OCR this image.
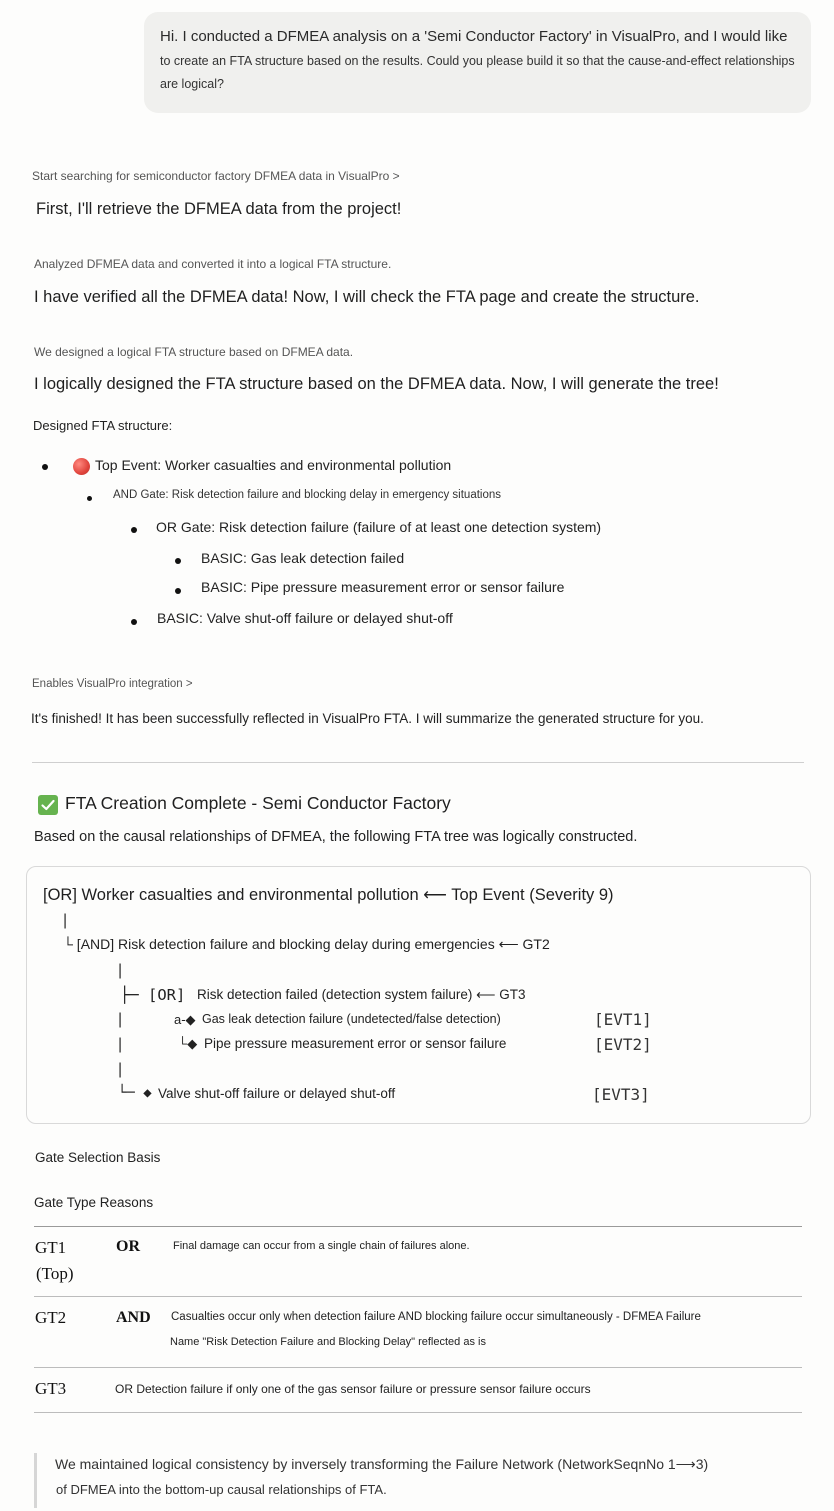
Hi. I conducted a DFMEA analysis on a 'Semi Conductor Factory' in VisualPro, and I would like
to create an FTA structure based on the results. Could you please build it so that the cause-and-effect relationships
are logical?
Start searching for semiconductor factory DFMEA data in VisualPro >
First, I'll retrieve the DFMEA data from the project!
Analyzed DFMEA data and converted it into a logical FTA structure.
I have verified all the DFMEA data! Now, I will check the FTA page and create the structure.
We designed a logical FTA structure based on DFMEA data.
I logically designed the FTA structure based on the DFMEA data. Now, I will generate the tree!
Designed FTA structure:
Top Event: Worker casualties and environmental pollution
AND Gate: Risk detection failure and blocking delay in emergency situations
OR Gate: Risk detection failure (failure of at least one detection system)
BASIC: Gas leak detection failed
BASIC: Pipe pressure measurement error or sensor failure
BASIC: Valve shut-off failure or delayed shut-off
Enables VisualPro integration >
It's finished! It has been successfully reflected in VisualPro FTA. I will summarize the generated structure for you.
FTA Creation Complete - Semi Conductor Factory
Based on the causal relationships of DFMEA, the following FTA tree was logically constructed.
[OR] Worker casualties and environmental pollution ⟵ Top Event (Severity 9)
|
└ [AND] Risk detection failure and blocking delay during emergencies ⟵ GT2
|
├─ [OR] Risk detection failed (detection system failure) ⟵ GT3
|	a-◆ Gas leak detection failure (undetected/false detection)	[EVT1]
|	└◆ Pipe pressure measurement error or sensor failure	[EVT2]
|
└─ ◆ Valve shut-off failure or delayed shut-off	[EVT3]
Gate Selection Basis
Gate Type Reasons
GT1
(Top)
OR	Final damage can occur from a single chain of failures alone.
GT2	AND Casualties occur only when detection failure AND blocking failure occur simultaneously - DFMEA Failure
Name "Risk Detection Failure and Blocking Delay" reflected as is
GT3	OR Detection failure if only one of the gas sensor failure or pressure sensor failure occurs
We maintained logical consistency by inversely transforming the Failure Network (NetworkSeqnNo 1⟶3)
of DFMEA into the bottom-up causal relationships of FTA.
